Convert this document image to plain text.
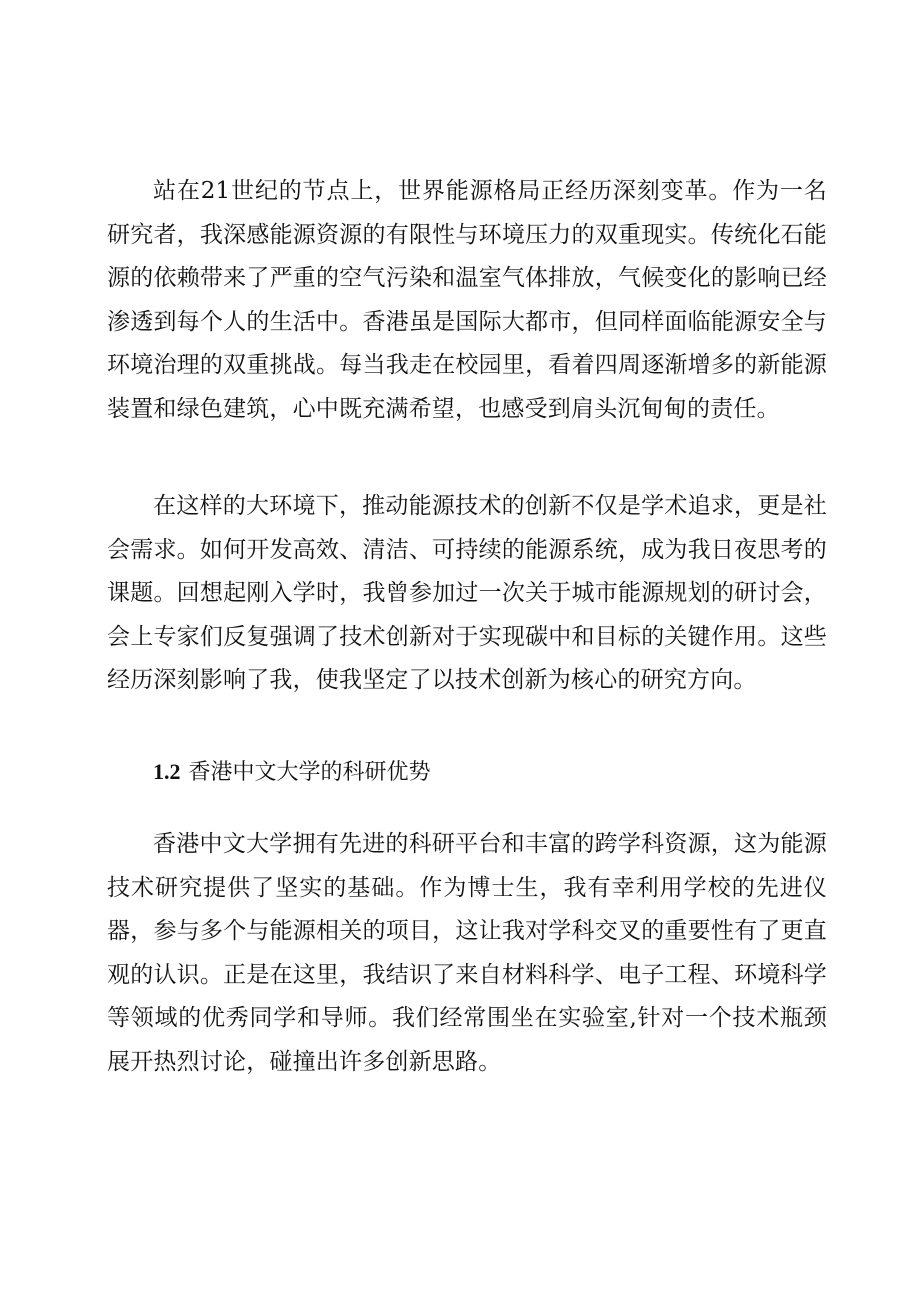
站在21世纪的节点上，世界能源格局正经历深刻变革。作为一名研究者，我深感能源资源的有限性与环境压力的双重现实。传统化石能源的依赖带来了严重的空气污染和温室气体排放，气候变化的影响已经渗透到每个人的生活中。香港虽是国际大都市，但同样面临能源安全与环境治理的双重挑战。每当我走在校园里，看着四周逐渐增多的新能源装置和绿色建筑，心中既充满希望，也感受到肩头沉甸甸的责任。

在这样的大环境下，推动能源技术的创新不仅是学术追求，更是社会需求。如何开发高效、清洁、可持续的能源系统，成为我日夜思考的课题。回想起刚入学时，我曾参加过一次关于城市能源规划的研讨会，会上专家们反复强调了技术创新对于实现碳中和目标的关键作用。这些经历深刻影响了我，使我坚定了以技术创新为核心的研究方向。

1.2 香港中文大学的科研优势

香港中文大学拥有先进的科研平台和丰富的跨学科资源，这为能源技术研究提供了坚实的基础。作为博士生，我有幸利用学校的先进仪器，参与多个与能源相关的项目，这让我对学科交叉的重要性有了更直观的认识。正是在这里，我结识了来自材料科学、电子工程、环境科学等领域的优秀同学和导师。我们经常围坐在实验室,针对一个技术瓶颈展开热烈讨论，碰撞出许多创新思路。
